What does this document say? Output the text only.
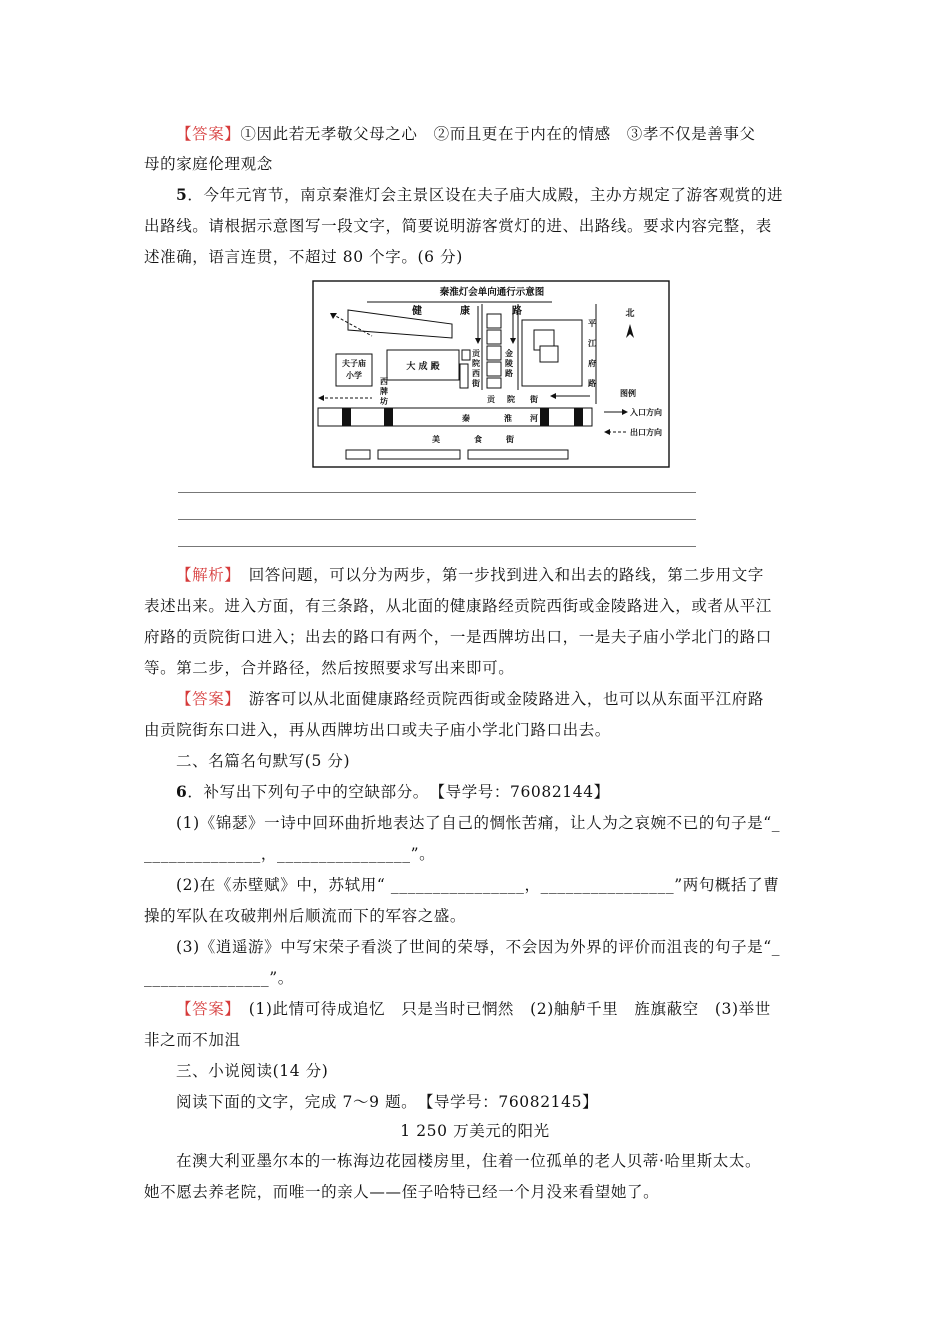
【答案】①因此若无孝敬父母之心　②而且更在于内在的情感　③孝不仅是善事父
母的家庭伦理观念
5．今年元宵节，南京秦淮灯会主景区设在夫子庙大成殿，主办方规定了游客观赏的进
出路线。请根据示意图写一段文字，简要说明游客赏灯的进、出路线。要求内容完整，表
述准确，语言连贯，不超过 80 个字。(6 分)
秦淮灯会单向通行示意图
健	康	路
大 成 殿
夫子庙
小学
西
牌
坊
贡
院
西
街
金
陵
路
平
江
府
路
贡 院 街
秦	淮 河
美	食	街
北
图例
入口方向
出口方向
【解析】　回答问题，可以分为两步，第一步找到进入和出去的路线，第二步用文字
表述出来。进入方面，有三条路，从北面的健康路经贡院西街或金陵路进入，或者从平江
府路的贡院街口进入；出去的路口有两个，一是西牌坊出口，一是夫子庙小学北门的路口
等。第二步，合并路径，然后按照要求写出来即可。
【答案】　游客可以从北面健康路经贡院西街或金陵路进入，也可以从东面平江府路
由贡院街东口进入，再从西牌坊出口或夫子庙小学北门路口出去。
二、名篇名句默写(5 分)
6．补写出下列句子中的空缺部分。　【导学号：76082144】
(1)《锦瑟》一诗中回环曲折地表达了自己的惆怅苦痛，让人为之哀婉不已的句子是“_
______________，________________”。
(2)在《赤壁赋》中，苏轼用“ ________________，________________”两句概括了曹
操的军队在攻破荆州后顺流而下的军容之盛。
(3)《逍遥游》中写宋荣子看淡了世间的荣辱，不会因为外界的评价而沮丧的句子是“_
_______________”。
【答案】　(1)此情可待成追忆　只是当时已惘然　(2)舳舻千里　旌旗蔽空　(3)举世
非之而不加沮
三、小说阅读(14 分)
阅读下面的文字，完成 7～9 题。　【导学号：76082145】
1 250 万美元的阳光
在澳大利亚墨尔本的一栋海边花园楼房里，住着一位孤单的老人贝蒂·哈里斯太太。
她不愿去养老院，而唯一的亲人——侄子哈特已经一个月没来看望她了。
